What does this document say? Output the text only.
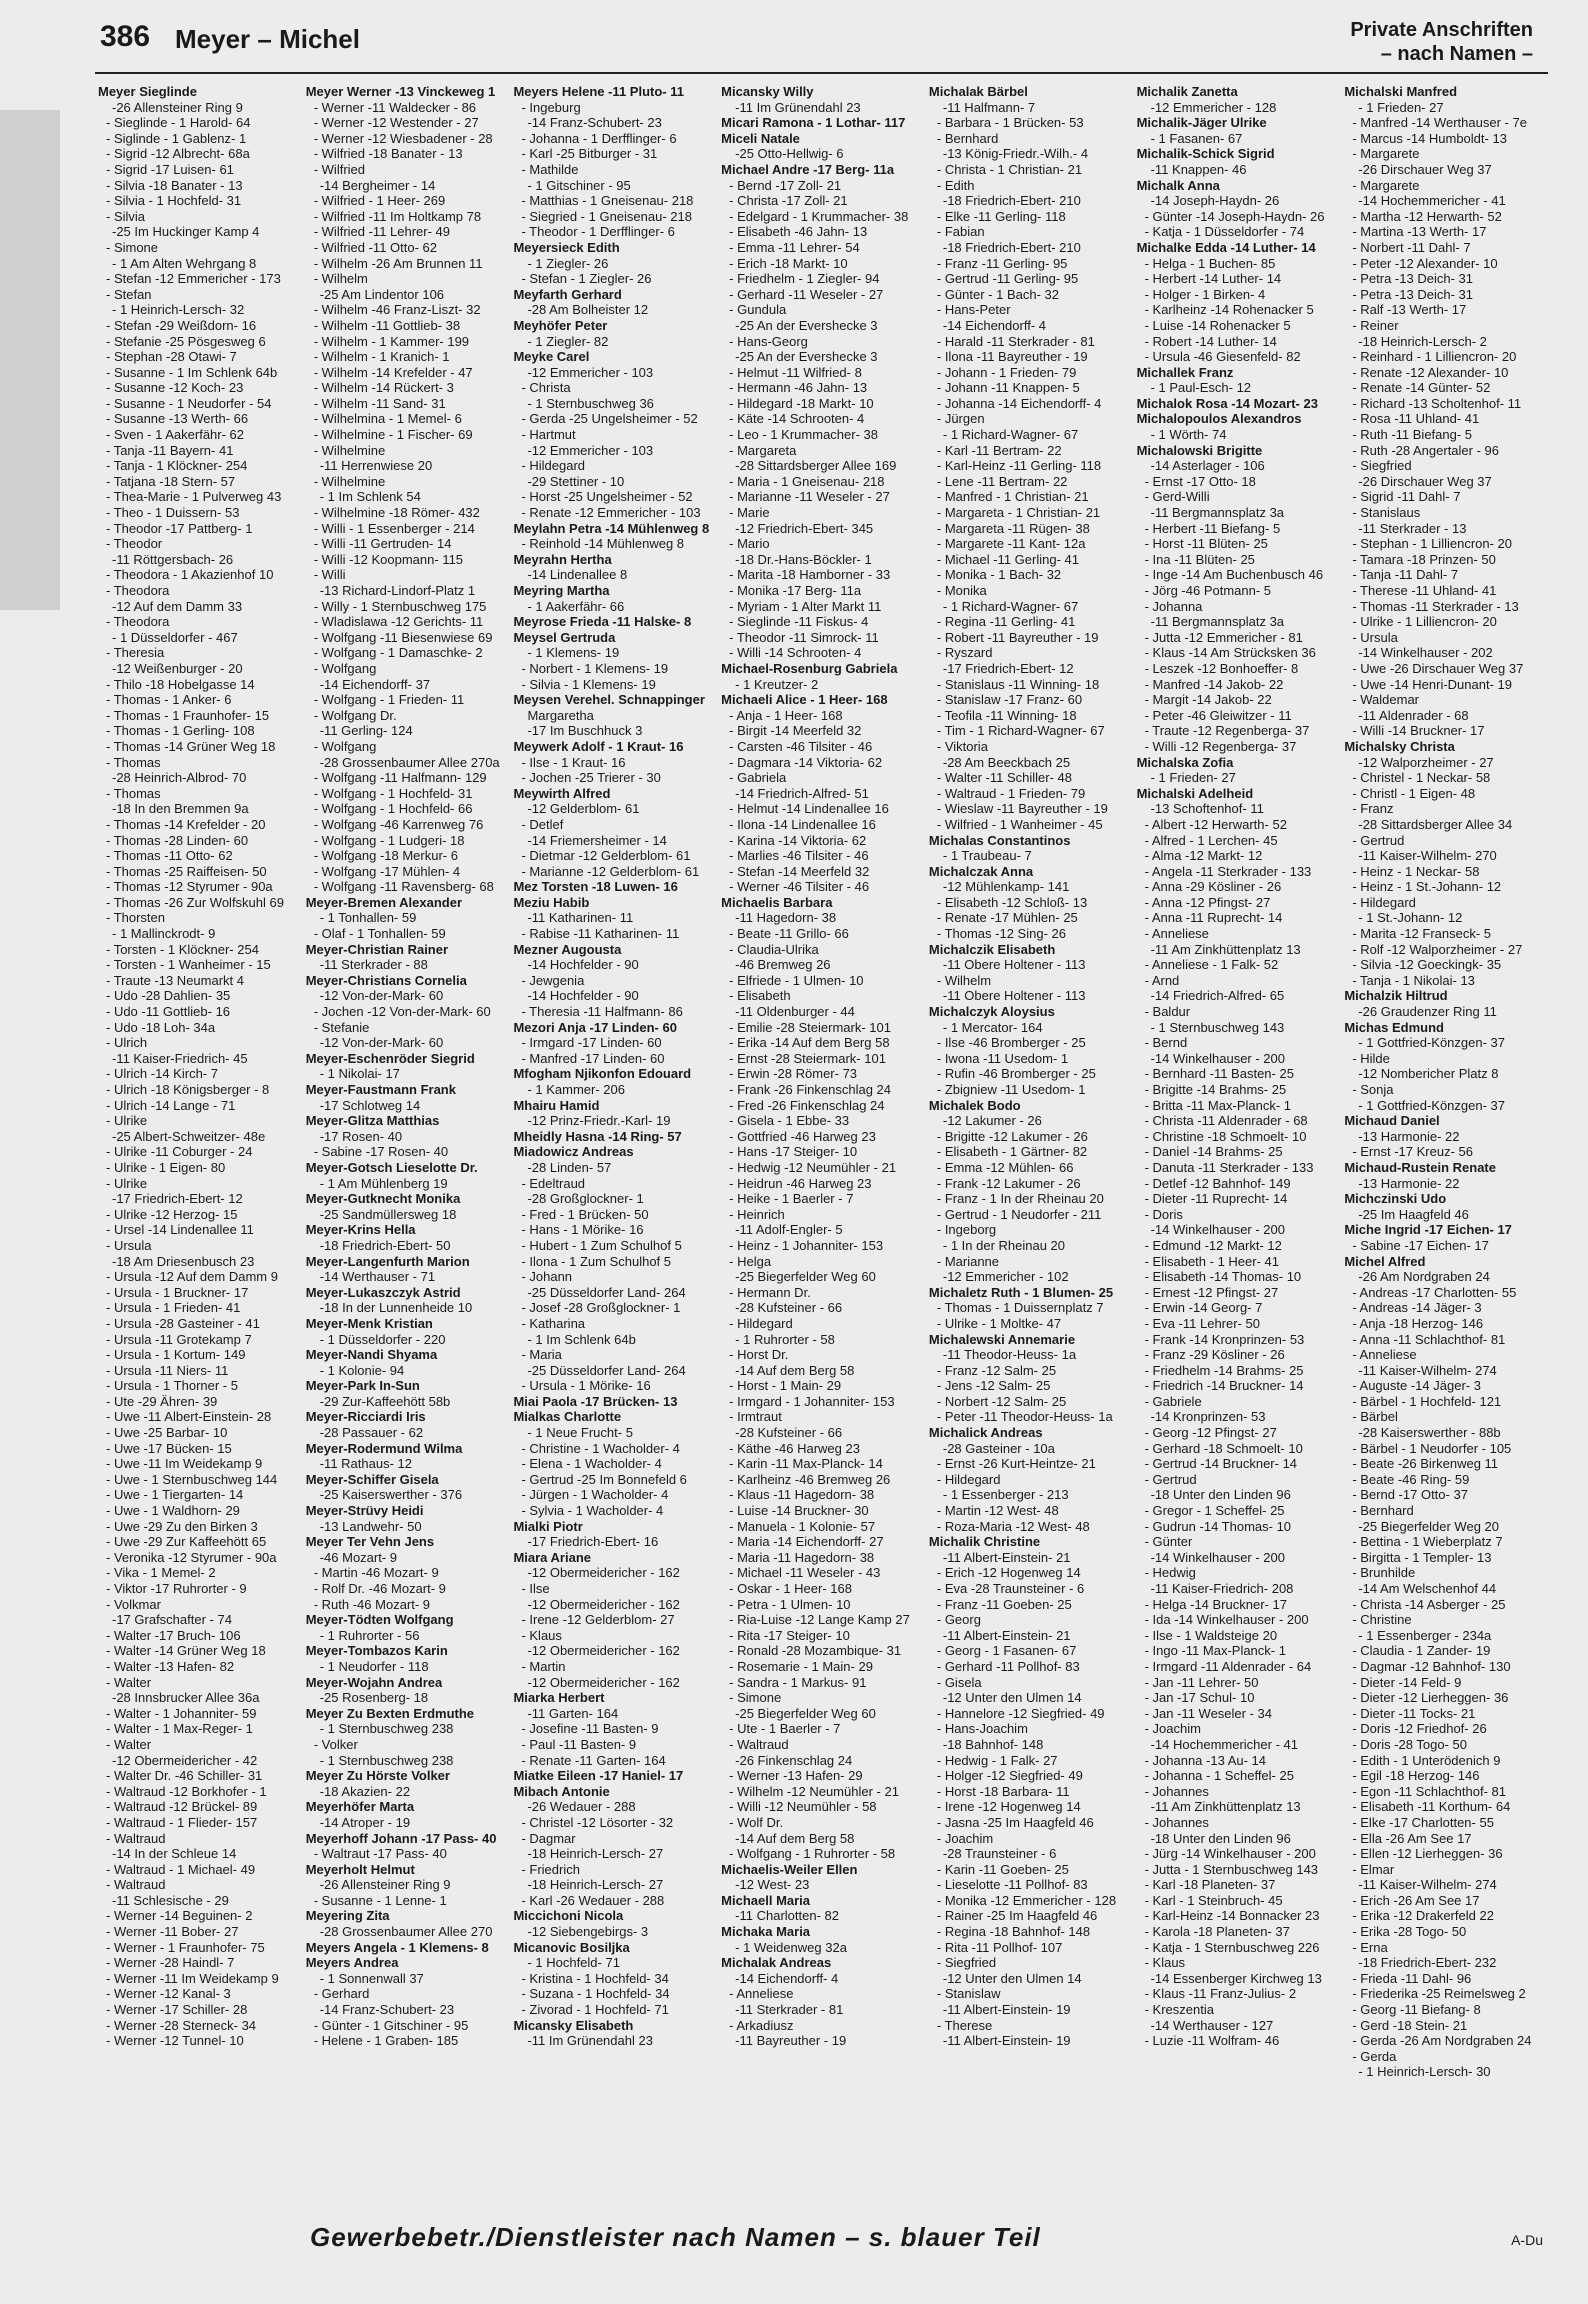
386 Meyer – Michel	Private Anschriften
– nach Namen –
Meyer Sieglinde
-26 Allensteiner Ring 9
- Sieglinde - 1 Harold- 64
- Siglinde - 1 Gablenz- 1
- Sigrid -12 Albrecht- 68a
- Sigrid -17 Luisen- 61
- Silvia -18 Banater - 13
- Silvia - 1 Hochfeld- 31
- Silvia
-25 Im Huckinger Kamp 4
- Simone
- 1 Am Alten Wehrgang 8
- Stefan -12 Emmericher - 173
- Stefan
- 1 Heinrich-Lersch- 32
- Stefan -29 Weißdorn- 16
- Stefanie -25 Pösgesweg 6
- Stephan -28 Otawi- 7
- Susanne - 1 Im Schlenk 64b
- Susanne -12 Koch- 23
- Susanne - 1 Neudorfer - 54
- Susanne -13 Werth- 66
- Sven - 1 Aakerfähr- 62
- Tanja -11 Bayern- 41
- Tanja - 1 Klöckner- 254
- Tatjana -18 Stern- 57
- Thea-Marie - 1 Pulverweg 43
- Theo - 1 Duissern- 53
- Theodor -17 Pattberg- 1
- Theodor
-11 Röttgersbach- 26
- Theodora - 1 Akazienhof 10
- Theodora
-12 Auf dem Damm 33
- Theodora
- 1 Düsseldorfer - 467
- Theresia
-12 Weißenburger - 20
- Thilo -18 Hobelgasse 14
- Thomas - 1 Anker- 6
- Thomas - 1 Fraunhofer- 15
- Thomas - 1 Gerling- 108
- Thomas -14 Grüner Weg 18
- Thomas
-28 Heinrich-Albrod- 70
- Thomas
-18 In den Bremmen 9a
- Thomas -14 Krefelder - 20
- Thomas -28 Linden- 60
- Thomas -11 Otto- 62
- Thomas -25 Raiffeisen- 50
- Thomas -12 Styrumer - 90a
- Thomas -26 Zur Wolfskuhl 69
- Thorsten
- 1 Mallinckrodt- 9
- Torsten - 1 Klöckner- 254
- Torsten - 1 Wanheimer - 15
- Traute -13 Neumarkt 4
- Udo -28 Dahlien- 35
- Udo -11 Gottlieb- 16
- Udo -18 Loh- 34a
- Ulrich
-11 Kaiser-Friedrich- 45
- Ulrich -14 Kirch- 7
- Ulrich -18 Königsberger - 8
- Ulrich -14 Lange - 71
- Ulrike
-25 Albert-Schweitzer- 48e
- Ulrike -11 Coburger - 24
- Ulrike - 1 Eigen- 80
- Ulrike
-17 Friedrich-Ebert- 12
- Ulrike -12 Herzog- 15
- Ursel -14 Lindenallee 11
- Ursula
-18 Am Driesenbusch 23
- Ursula -12 Auf dem Damm 9
- Ursula - 1 Bruckner- 17
- Ursula - 1 Frieden- 41
- Ursula -28 Gasteiner - 41
- Ursula -11 Grotekamp 7
- Ursula - 1 Kortum- 149
- Ursula -11 Niers- 11
- Ursula - 1 Thorner - 5
- Ute -29 Ähren- 39
- Uwe -11 Albert-Einstein- 28
- Uwe -25 Barbar- 10
- Uwe -17 Bücken- 15
- Uwe -11 Im Weidekamp 9
- Uwe - 1 Sternbuschweg 144
- Uwe - 1 Tiergarten- 14
- Uwe - 1 Waldhorn- 29
- Uwe -29 Zu den Birken 3
- Uwe -29 Zur Kaffeehött 65
- Veronika -12 Styrumer - 90a
- Vika - 1 Memel- 2
- Viktor -17 Ruhrorter - 9
- Volkmar
-17 Grafschafter - 74
- Walter -17 Bruch- 106
- Walter -14 Grüner Weg 18
- Walter -13 Hafen- 82
- Walter
-28 Innsbrucker Allee 36a
- Walter - 1 Johanniter- 59
- Walter - 1 Max-Reger- 1
- Walter
-12 Obermeidericher - 42
- Walter Dr. -46 Schiller- 31
- Waltraud -12 Borkhofer - 1
- Waltraud -12 Brückel- 89
- Waltraud - 1 Flieder- 157
- Waltraud
-14 In der Schleue 14
- Waltraud - 1 Michael- 49
- Waltraud
-11 Schlesische - 29
- Werner -14 Beguinen- 2
- Werner -11 Bober- 27
- Werner - 1 Fraunhofer- 75
- Werner -28 Haindl- 7
- Werner -11 Im Weidekamp 9
- Werner -12 Kanal- 3
- Werner -17 Schiller- 28
- Werner -28 Sterneck- 34
- Werner -12 Tunnel- 10
Meyer Werner -13 Vinckeweg 1
- Werner -11 Waldecker - 86
- Werner -12 Westender - 27
- Werner -12 Wiesbadener - 28
- Wilfried -18 Banater - 13
- Wilfried
-14 Bergheimer - 14
- Wilfried - 1 Heer- 269
- Wilfried -11 Im Holtkamp 78
- Wilfried -11 Lehrer- 49
- Wilfried -11 Otto- 62
- Wilhelm -26 Am Brunnen 11
- Wilhelm
-25 Am Lindentor 106
- Wilhelm -46 Franz-Liszt- 32
- Wilhelm -11 Gottlieb- 38
- Wilhelm - 1 Kammer- 199
- Wilhelm - 1 Kranich- 1
- Wilhelm -14 Krefelder - 47
- Wilhelm -14 Rückert- 3
- Wilhelm -11 Sand- 31
- Wilhelmina - 1 Memel- 6
- Wilhelmine - 1 Fischer- 69
- Wilhelmine
-11 Herrenwiese 20
- Wilhelmine
- 1 Im Schlenk 54
- Wilhelmine -18 Römer- 432
- Willi - 1 Essenberger - 214
- Willi -11 Gertruden- 14
- Willi -12 Koopmann- 115
- Willi
-13 Richard-Lindorf-Platz 1
- Willy - 1 Sternbuschweg 175
- Wladislawa -12 Gerichts- 11
- Wolfgang -11 Biesenwiese 69
- Wolfgang - 1 Damaschke- 2
- Wolfgang
-14 Eichendorff- 37
- Wolfgang - 1 Frieden- 11
- Wolfgang Dr.
-11 Gerling- 124
- Wolfgang
-28 Grossenbaumer Allee 270a
- Wolfgang -11 Halfmann- 129
- Wolfgang - 1 Hochfeld- 31
- Wolfgang - 1 Hochfeld- 66
- Wolfgang -46 Karrenweg 76
- Wolfgang - 1 Ludgeri- 18
- Wolfgang -18 Merkur- 6
- Wolfgang -17 Mühlen- 4
- Wolfgang -11 Ravensberg- 68
Meyer-Bremen Alexander
- 1 Tonhallen- 59
- Olaf - 1 Tonhallen- 59
Meyer-Christian Rainer
-11 Sterkrader - 88
Meyer-Christians Cornelia
-12 Von-der-Mark- 60
- Jochen -12 Von-der-Mark- 60
- Stefanie
-12 Von-der-Mark- 60
Meyer-Eschenröder Siegrid
- 1 Nikolai- 17
Meyer-Faustmann Frank
-17 Schlotweg 14
Meyer-Glitza Matthias
-17 Rosen- 40
- Sabine -17 Rosen- 40
Meyer-Gotsch Lieselotte Dr.
- 1 Am Mühlenberg 19
Meyer-Gutknecht Monika
-25 Sandmüllersweg 18
Meyer-Krins Hella
-18 Friedrich-Ebert- 50
Meyer-Langenfurth Marion
-14 Werthauser - 71
Meyer-Lukaszczyk Astrid
-18 In der Lunnenheide 10
Meyer-Menk Kristian
- 1 Düsseldorfer - 220
Meyer-Nandi Shyama
- 1 Kolonie- 94
Meyer-Park In-Sun
-29 Zur-Kaffeehött 58b
Meyer-Ricciardi Iris
-28 Passauer - 62
Meyer-Rodermund Wilma
-11 Rathaus- 12
Meyer-Schiffer Gisela
-25 Kaiserswerther - 376
Meyer-Strüvy Heidi
-13 Landwehr- 50
Meyer Ter Vehn Jens
-46 Mozart- 9
- Martin -46 Mozart- 9
- Rolf Dr. -46 Mozart- 9
- Ruth -46 Mozart- 9
Meyer-Tödten Wolfgang
- 1 Ruhrorter - 56
Meyer-Tombazos Karin
- 1 Neudorfer - 118
Meyer-Wojahn Andrea
-25 Rosenberg- 18
Meyer Zu Bexten Erdmuthe
- 1 Sternbuschweg 238
- Volker
- 1 Sternbuschweg 238
Meyer Zu Hörste Volker
-18 Akazien- 22
Meyerhöfer Marta
-14 Atroper - 19
Meyerhoff Johann -17 Pass- 40
- Waltraut -17 Pass- 40
Meyerholt Helmut
-26 Allensteiner Ring 9
- Susanne - 1 Lenne- 1
Meyering Zita
-28 Grossenbaumer Allee 270
Meyers Angela - 1 Klemens- 8
Meyers Andrea
- 1 Sonnenwall 37
- Gerhard
-14 Franz-Schubert- 23
- Günter - 1 Gitschiner - 95
- Helene - 1 Graben- 185
Meyers Helene -11 Pluto- 11
- Ingeburg
-14 Franz-Schubert- 23
- Johanna - 1 Derfflinger- 6
- Karl -25 Bitburger - 31
- Mathilde
- 1 Gitschiner - 95
- Matthias - 1 Gneisenau- 218
- Siegried - 1 Gneisenau- 218
- Theodor - 1 Derfflinger- 6
Meyersieck Edith
- 1 Ziegler- 26
- Stefan - 1 Ziegler- 26
Meyfarth Gerhard
-28 Am Bolheister 12
Meyhöfer Peter
- 1 Ziegler- 82
Meyke Carel
-12 Emmericher - 103
- Christa
- 1 Sternbuschweg 36
- Gerda -25 Ungelsheimer - 52
- Hartmut
-12 Emmericher - 103
- Hildegard
-29 Stettiner - 10
- Horst -25 Ungelsheimer - 52
- Renate -12 Emmericher - 103
Meylahn Petra -14 Mühlenweg 8
- Reinhold -14 Mühlenweg 8
Meyrahn Hertha
-14 Lindenallee 8
Meyring Martha
- 1 Aakerfähr- 66
Meyrose Frieda -11 Halske- 8
Meysel Gertruda
- 1 Klemens- 19
- Norbert - 1 Klemens- 19
- Silvia - 1 Klemens- 19
Meysen Verehel. Schnappinger
Margaretha
-17 Im Buschhuck 3
Meywerk Adolf - 1 Kraut- 16
- Ilse - 1 Kraut- 16
- Jochen -25 Trierer - 30
Meywirth Alfred
-12 Gelderblom- 61
- Detlef
-14 Friemersheimer - 14
- Dietmar -12 Gelderblom- 61
- Marianne -12 Gelderblom- 61
Mez Torsten -18 Luwen- 16
Meziu Habib
-11 Katharinen- 11
- Rabise -11 Katharinen- 11
Mezner Augousta
-14 Hochfelder - 90
- Jewgenia
-14 Hochfelder - 90
- Theresia -11 Halfmann- 86
Mezori Anja -17 Linden- 60
- Irmgard -17 Linden- 60
- Manfred -17 Linden- 60
Mfogham Njikonfon Edouard
- 1 Kammer- 206
Mhairu Hamid
-12 Prinz-Friedr.-Karl- 19
Mheidly Hasna -14 Ring- 57
Miadowicz Andreas
-28 Linden- 57
- Edeltraud
-28 Großglockner- 1
- Fred - 1 Brücken- 50
- Hans - 1 Mörike- 16
- Hubert - 1 Zum Schulhof 5
- Ilona - 1 Zum Schulhof 5
- Johann
-25 Düsseldorfer Land- 264
- Josef -28 Großglockner- 1
- Katharina
- 1 Im Schlenk 64b
- Maria
-25 Düsseldorfer Land- 264
- Ursula - 1 Mörike- 16
Miai Paola -17 Brücken- 13
Mialkas Charlotte
- 1 Neue Frucht- 5
- Christine - 1 Wacholder- 4
- Elena - 1 Wacholder- 4
- Gertrud -25 Im Bonnefeld 6
- Jürgen - 1 Wacholder- 4
- Sylvia - 1 Wacholder- 4
Mialki Piotr
-17 Friedrich-Ebert- 16
Miara Ariane
-12 Obermeidericher - 162
- Ilse
-12 Obermeidericher - 162
- Irene -12 Gelderblom- 27
- Klaus
-12 Obermeidericher - 162
- Martin
-12 Obermeidericher - 162
Miarka Herbert
-11 Garten- 164
- Josefine -11 Basten- 9
- Paul -11 Basten- 9
- Renate -11 Garten- 164
Miatke Eileen -17 Haniel- 17
Mibach Antonie
-26 Wedauer - 288
- Christel -12 Lösorter - 32
- Dagmar
-18 Heinrich-Lersch- 27
- Friedrich
-18 Heinrich-Lersch- 27
- Karl -26 Wedauer - 288
Miccichoni Nicola
-12 Siebengebirgs- 3
Micanovic Bosiljka
- 1 Hochfeld- 71
- Kristina - 1 Hochfeld- 34
- Suzana - 1 Hochfeld- 34
- Zivorad - 1 Hochfeld- 71
Micansky Elisabeth
-11 Im Grünendahl 23
Micansky Willy
-11 Im Grünendahl 23
Micari Ramona - 1 Lothar- 117
Miceli Natale
-25 Otto-Hellwig- 6
Michael Andre -17 Berg- 11a
- Bernd -17 Zoll- 21
- Christa -17 Zoll- 21
- Edelgard - 1 Krummacher- 38
- Elisabeth -46 Jahn- 13
- Emma -11 Lehrer- 54
- Erich -18 Markt- 10
- Friedhelm - 1 Ziegler- 94
- Gerhard -11 Weseler - 27
- Gundula
-25 An der Evershecke 3
- Hans-Georg
-25 An der Evershecke 3
- Helmut -11 Wilfried- 8
- Hermann -46 Jahn- 13
- Hildegard -18 Markt- 10
- Käte -14 Schrooten- 4
- Leo - 1 Krummacher- 38
- Margareta
-28 Sittardsberger Allee 169
- Maria - 1 Gneisenau- 218
- Marianne -11 Weseler - 27
- Marie
-12 Friedrich-Ebert- 345
- Mario
-18 Dr.-Hans-Böckler- 1
- Marita -18 Hamborner - 33
- Monika -17 Berg- 11a
- Myriam - 1 Alter Markt 11
- Sieglinde -11 Fiskus- 4
- Theodor -11 Simrock- 11
- Willi -14 Schrooten- 4
Michael-Rosenburg Gabriela
- 1 Kreutzer- 2
Michaeli Alice - 1 Heer- 168
- Anja - 1 Heer- 168
- Birgit -14 Meerfeld 32
- Carsten -46 Tilsiter - 46
- Dagmara -14 Viktoria- 62
- Gabriela
-14 Friedrich-Alfred- 51
- Helmut -14 Lindenallee 16
- Ilona -14 Lindenallee 16
- Karina -14 Viktoria- 62
- Marlies -46 Tilsiter - 46
- Stefan -14 Meerfeld 32
- Werner -46 Tilsiter - 46
Michaelis Barbara
-11 Hagedorn- 38
- Beate -11 Grillo- 66
- Claudia-Ulrika
-46 Bremweg 26
- Elfriede - 1 Ulmen- 10
- Elisabeth
-11 Oldenburger - 44
- Emilie -28 Steiermark- 101
- Erika -14 Auf dem Berg 58
- Ernst -28 Steiermark- 101
- Erwin -28 Römer- 73
- Frank -26 Finkenschlag 24
- Fred -26 Finkenschlag 24
- Gisela - 1 Ebbe- 33
- Gottfried -46 Harweg 23
- Hans -17 Steiger- 10
- Hedwig -12 Neumühler - 21
- Heidrun -46 Harweg 23
- Heike - 1 Baerler - 7
- Heinrich
-11 Adolf-Engler- 5
- Heinz - 1 Johanniter- 153
- Helga
-25 Biegerfelder Weg 60
- Hermann Dr.
-28 Kufsteiner - 66
- Hildegard
- 1 Ruhrorter - 58
- Horst Dr.
-14 Auf dem Berg 58
- Horst - 1 Main- 29
- Irmgard - 1 Johanniter- 153
- Irmtraut
-28 Kufsteiner - 66
- Käthe -46 Harweg 23
- Karin -11 Max-Planck- 14
- Karlheinz -46 Bremweg 26
- Klaus -11 Hagedorn- 38
- Luise -14 Bruckner- 30
- Manuela - 1 Kolonie- 57
- Maria -14 Eichendorff- 27
- Maria -11 Hagedorn- 38
- Michael -11 Weseler - 43
- Oskar - 1 Heer- 168
- Petra - 1 Ulmen- 10
- Ria-Luise -12 Lange Kamp 27
- Rita -17 Steiger- 10
- Ronald -28 Mozambique- 31
- Rosemarie - 1 Main- 29
- Sandra - 1 Markus- 91
- Simone
-25 Biegerfelder Weg 60
- Ute - 1 Baerler - 7
- Waltraud
-26 Finkenschlag 24
- Werner -13 Hafen- 29
- Wilhelm -12 Neumühler - 21
- Willi -12 Neumühler - 58
- Wolf Dr.
-14 Auf dem Berg 58
- Wolfgang - 1 Ruhrorter - 58
Michaelis-Weiler Ellen
-12 West- 23
Michaell Maria
-11 Charlotten- 82
Michaka Maria
- 1 Weidenweg 32a
Michalak Andreas
-14 Eichendorff- 4
- Anneliese
-11 Sterkrader - 81
- Arkadiusz
-11 Bayreuther - 19
Michalak Bärbel
-11 Halfmann- 7
- Barbara - 1 Brücken- 53
- Bernhard
-13 König-Friedr.-Wilh.- 4
- Christa - 1 Christian- 21
- Edith
-18 Friedrich-Ebert- 210
- Elke -11 Gerling- 118
- Fabian
-18 Friedrich-Ebert- 210
- Franz -11 Gerling- 95
- Gertrud -11 Gerling- 95
- Günter - 1 Bach- 32
- Hans-Peter
-14 Eichendorff- 4
- Harald -11 Sterkrader - 81
- Ilona -11 Bayreuther - 19
- Johann - 1 Frieden- 79
- Johann -11 Knappen- 5
- Johanna -14 Eichendorff- 4
- Jürgen
- 1 Richard-Wagner- 67
- Karl -11 Bertram- 22
- Karl-Heinz -11 Gerling- 118
- Lene -11 Bertram- 22
- Manfred - 1 Christian- 21
- Margareta - 1 Christian- 21
- Margareta -11 Rügen- 38
- Margarete -11 Kant- 12a
- Michael -11 Gerling- 41
- Monika - 1 Bach- 32
- Monika
- 1 Richard-Wagner- 67
- Regina -11 Gerling- 41
- Robert -11 Bayreuther - 19
- Ryszard
-17 Friedrich-Ebert- 12
- Stanislaus -11 Winning- 18
- Stanislaw -17 Franz- 60
- Teofila -11 Winning- 18
- Tim - 1 Richard-Wagner- 67
- Viktoria
-28 Am Beeckbach 25
- Walter -11 Schiller- 48
- Waltraud - 1 Frieden- 79
- Wieslaw -11 Bayreuther - 19
- Wilfried - 1 Wanheimer - 45
Michalas Constantinos
- 1 Traubeau- 7
Michalczak Anna
-12 Mühlenkamp- 141
- Elisabeth -12 Schloß- 13
- Renate -17 Mühlen- 25
- Thomas -12 Sing- 26
Michalczik Elisabeth
-11 Obere Holtener - 113
- Wilhelm
-11 Obere Holtener - 113
Michalczyk Aloysius
- 1 Mercator- 164
- Ilse -46 Bromberger - 25
- Iwona -11 Usedom- 1
- Rufin -46 Bromberger - 25
- Zbigniew -11 Usedom- 1
Michalek Bodo
-12 Lakumer - 26
- Brigitte -12 Lakumer - 26
- Elisabeth - 1 Gärtner- 82
- Emma -12 Mühlen- 66
- Frank -12 Lakumer - 26
- Franz - 1 In der Rheinau 20
- Gertrud - 1 Neudorfer - 211
- Ingeborg
- 1 In der Rheinau 20
- Marianne
-12 Emmericher - 102
Michaletz Ruth - 1 Blumen- 25
- Thomas - 1 Duissernplatz 7
- Ulrike - 1 Moltke- 47
Michalewski Annemarie
-11 Theodor-Heuss- 1a
- Franz -12 Salm- 25
- Jens -12 Salm- 25
- Norbert -12 Salm- 25
- Peter -11 Theodor-Heuss- 1a
Michalick Andreas
-28 Gasteiner - 10a
- Ernst -26 Kurt-Heintze- 21
- Hildegard
- 1 Essenberger - 213
- Martin -12 West- 48
- Roza-Maria -12 West- 48
Michalik Christine
-11 Albert-Einstein- 21
- Erich -12 Hogenweg 14
- Eva -28 Traunsteiner - 6
- Franz -11 Goeben- 25
- Georg
-11 Albert-Einstein- 21
- Georg - 1 Fasanen- 67
- Gerhard -11 Pollhof- 83
- Gisela
-12 Unter den Ulmen 14
- Hannelore -12 Siegfried- 49
- Hans-Joachim
-18 Bahnhof- 148
- Hedwig - 1 Falk- 27
- Holger -12 Siegfried- 49
- Horst -18 Barbara- 11
- Irene -12 Hogenweg 14
- Jasna -25 Im Haagfeld 46
- Joachim
-28 Traunsteiner - 6
- Karin -11 Goeben- 25
- Lieselotte -11 Pollhof- 83
- Monika -12 Emmericher - 128
- Rainer -25 Im Haagfeld 46
- Regina -18 Bahnhof- 148
- Rita -11 Pollhof- 107
- Siegfried
-12 Unter den Ulmen 14
- Stanislaw
-11 Albert-Einstein- 19
- Therese
-11 Albert-Einstein- 19
Michalik Zanetta
-12 Emmericher - 128
Michalik-Jäger Ulrike
- 1 Fasanen- 67
Michalik-Schick Sigrid
-11 Knappen- 46
Michalk Anna
-14 Joseph-Haydn- 26
- Günter -14 Joseph-Haydn- 26
- Katja - 1 Düsseldorfer - 74
Michalke Edda -14 Luther- 14
- Helga - 1 Buchen- 85
- Herbert -14 Luther- 14
- Holger - 1 Birken- 4
- Karlheinz -14 Rohenacker 5
- Luise -14 Rohenacker 5
- Robert -14 Luther- 14
- Ursula -46 Giesenfeld- 82
Michallek Franz
- 1 Paul-Esch- 12
Michalok Rosa -14 Mozart- 23
Michalopoulos Alexandros
- 1 Wörth- 74
Michalowski Brigitte
-14 Asterlager - 106
- Ernst -17 Otto- 18
- Gerd-Willi
-11 Bergmannsplatz 3a
- Herbert -11 Biefang- 5
- Horst -11 Blüten- 25
- Ina -11 Blüten- 25
- Inge -14 Am Buchenbusch 46
- Jörg -46 Potmann- 5
- Johanna
-11 Bergmannsplatz 3a
- Jutta -12 Emmericher - 81
- Klaus -14 Am Strücksken 36
- Leszek -12 Bonhoeffer- 8
- Manfred -14 Jakob- 22
- Margit -14 Jakob- 22
- Peter -46 Gleiwitzer - 11
- Traute -12 Regenberga- 37
- Willi -12 Regenberga- 37
Michalska Zofia
- 1 Frieden- 27
Michalski Adelheid
-13 Schoftenhof- 11
- Albert -12 Herwarth- 52
- Alfred - 1 Lerchen- 45
- Alma -12 Markt- 12
- Angela -11 Sterkrader - 133
- Anna -29 Kösliner - 26
- Anna -12 Pfingst- 27
- Anna -11 Ruprecht- 14
- Anneliese
-11 Am Zinkhüttenplatz 13
- Anneliese - 1 Falk- 52
- Arnd
-14 Friedrich-Alfred- 65
- Baldur
- 1 Sternbuschweg 143
- Bernd
-14 Winkelhauser - 200
- Bernhard -11 Basten- 25
- Brigitte -14 Brahms- 25
- Britta -11 Max-Planck- 1
- Christa -11 Aldenrader - 68
- Christine -18 Schmoelt- 10
- Daniel -14 Brahms- 25
- Danuta -11 Sterkrader - 133
- Detlef -12 Bahnhof- 149
- Dieter -11 Ruprecht- 14
- Doris
-14 Winkelhauser - 200
- Edmund -12 Markt- 12
- Elisabeth - 1 Heer- 41
- Elisabeth -14 Thomas- 10
- Ernest -12 Pfingst- 27
- Erwin -14 Georg- 7
- Eva -11 Lehrer- 50
- Frank -14 Kronprinzen- 53
- Franz -29 Kösliner - 26
- Friedhelm -14 Brahms- 25
- Friedrich -14 Bruckner- 14
- Gabriele
-14 Kronprinzen- 53
- Georg -12 Pfingst- 27
- Gerhard -18 Schmoelt- 10
- Gertrud -14 Bruckner- 14
- Gertrud
-18 Unter den Linden 96
- Gregor - 1 Scheffel- 25
- Gudrun -14 Thomas- 10
- Günter
-14 Winkelhauser - 200
- Hedwig
-11 Kaiser-Friedrich- 208
- Helga -14 Bruckner- 17
- Ida -14 Winkelhauser - 200
- Ilse - 1 Waldsteige 20
- Ingo -11 Max-Planck- 1
- Irmgard -11 Aldenrader - 64
- Jan -11 Lehrer- 50
- Jan -17 Schul- 10
- Jan -11 Weseler - 34
- Joachim
-14 Hochemmericher - 41
- Johanna -13 Au- 14
- Johanna - 1 Scheffel- 25
- Johannes
-11 Am Zinkhüttenplatz 13
- Johannes
-18 Unter den Linden 96
- Jürg -14 Winkelhauser - 200
- Jutta - 1 Sternbuschweg 143
- Karl -18 Planeten- 37
- Karl - 1 Steinbruch- 45
- Karl-Heinz -14 Bonnacker 23
- Karola -18 Planeten- 37
- Katja - 1 Sternbuschweg 226
- Klaus
-14 Essenberger Kirchweg 13
- Klaus -11 Franz-Julius- 2
- Kreszentia
-14 Werthauser - 127
- Luzie -11 Wolfram- 46
Michalski Manfred
- 1 Frieden- 27
- Manfred -14 Werthauser - 7e
- Marcus -14 Humboldt- 13
- Margarete
-26 Dirschauer Weg 37
- Margarete
-14 Hochemmericher - 41
- Martha -12 Herwarth- 52
- Martina -13 Werth- 17
- Norbert -11 Dahl- 7
- Peter -12 Alexander- 10
- Petra -13 Deich- 31
- Petra -13 Deich- 31
- Ralf -13 Werth- 17
- Reiner
-18 Heinrich-Lersch- 2
- Reinhard - 1 Lilliencron- 20
- Renate -12 Alexander- 10
- Renate -14 Günter- 52
- Richard -13 Scholtenhof- 11
- Rosa -11 Uhland- 41
- Ruth -11 Biefang- 5
- Ruth -28 Angertaler - 96
- Siegfried
-26 Dirschauer Weg 37
- Sigrid -11 Dahl- 7
- Stanislaus
-11 Sterkrader - 13
- Stephan - 1 Lilliencron- 20
- Tamara -18 Prinzen- 50
- Tanja -11 Dahl- 7
- Therese -11 Uhland- 41
- Thomas -11 Sterkrader - 13
- Ulrike - 1 Lilliencron- 20
- Ursula
-14 Winkelhauser - 202
- Uwe -26 Dirschauer Weg 37
- Uwe -14 Henri-Dunant- 19
- Waldemar
-11 Aldenrader - 68
- Willi -14 Bruckner- 17
Michalsky Christa
-12 Walporzheimer - 27
- Christel - 1 Neckar- 58
- Christl - 1 Eigen- 48
- Franz
-28 Sittardsberger Allee 34
- Gertrud
-11 Kaiser-Wilhelm- 270
- Heinz - 1 Neckar- 58
- Heinz - 1 St.-Johann- 12
- Hildegard
- 1 St.-Johann- 12
- Marita -12 Franseck- 5
- Rolf -12 Walporzheimer - 27
- Silvia -12 Goeckingk- 35
- Tanja - 1 Nikolai- 13
Michalzik Hiltrud
-26 Graudenzer Ring 11
Michas Edmund
- 1 Gottfried-Könzgen- 37
- Hilde
-12 Nombericher Platz 8
- Sonja
- 1 Gottfried-Könzgen- 37
Michaud Daniel
-13 Harmonie- 22
- Ernst -17 Kreuz- 56
Michaud-Rustein Renate
-13 Harmonie- 22
Michczinski Udo
-25 Im Haagfeld 46
Miche Ingrid -17 Eichen- 17
- Sabine -17 Eichen- 17
Michel Alfred
-26 Am Nordgraben 24
- Andreas -17 Charlotten- 55
- Andreas -14 Jäger- 3
- Anja -18 Herzog- 146
- Anna -11 Schlachthof- 81
- Anneliese
-11 Kaiser-Wilhelm- 274
- Auguste -14 Jäger- 3
- Bärbel - 1 Hochfeld- 121
- Bärbel
-28 Kaiserswerther - 88b
- Bärbel - 1 Neudorfer - 105
- Beate -26 Birkenweg 11
- Beate -46 Ring- 59
- Bernd -17 Otto- 37
- Bernhard
-25 Biegerfelder Weg 20
- Bettina - 1 Wieberplatz 7
- Birgitta - 1 Templer- 13
- Brunhilde
-14 Am Welschenhof 44
- Christa -14 Asberger - 25
- Christine
- 1 Essenberger - 234a
- Claudia - 1 Zander- 19
- Dagmar -12 Bahnhof- 130
- Dieter -14 Feld- 9
- Dieter -12 Lierheggen- 36
- Dieter -11 Tocks- 21
- Doris -12 Friedhof- 26
- Doris -28 Togo- 50
- Edith - 1 Unterödenich 9
- Egil -18 Herzog- 146
- Egon -11 Schlachthof- 81
- Elisabeth -11 Korthum- 64
- Elke -17 Charlotten- 55
- Ella -26 Am See 17
- Ellen -12 Lierheggen- 36
- Elmar
-11 Kaiser-Wilhelm- 274
- Erich -26 Am See 17
- Erika -12 Drakerfeld 22
- Erika -28 Togo- 50
- Erna
-18 Friedrich-Ebert- 232
- Frieda -11 Dahl- 96
- Friederika -25 Reimelsweg 2
- Georg -11 Biefang- 8
- Gerd -18 Stein- 21
- Gerda -26 Am Nordgraben 24
- Gerda
- 1 Heinrich-Lersch- 30
Gewerbebetr./Dienstleister nach Namen – s. blauer Teil	A-Du
